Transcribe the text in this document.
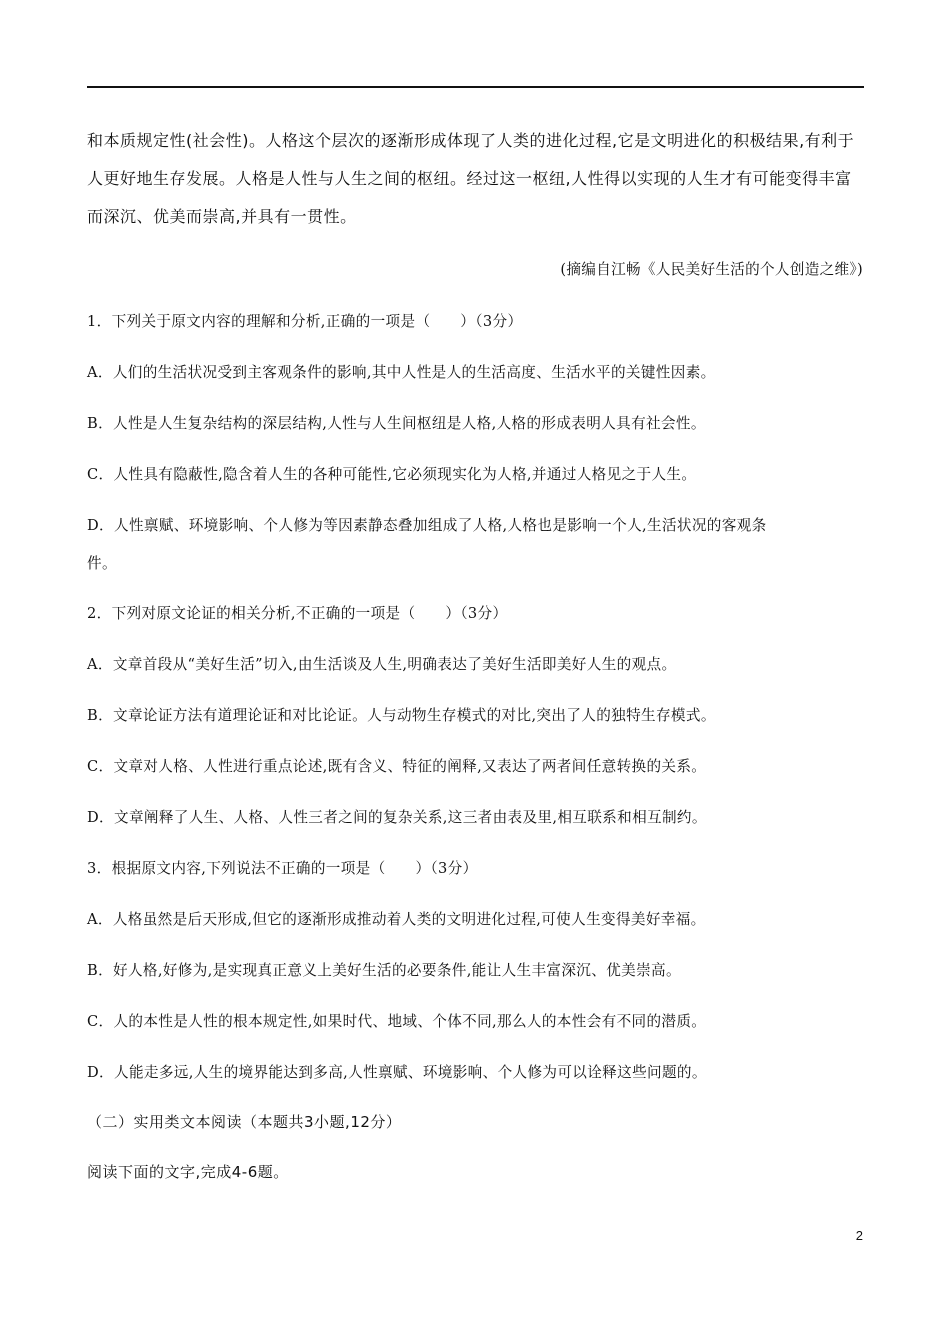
和本质规定性(社会性)。人格这个层次的逐渐形成体现了人类的进化过程,它是文明进化的积极结果,有利于
人更好地生存发展。人格是人性与人生之间的枢纽。经过这一枢纽,人性得以实现的人生才有可能变得丰富
而深沉、优美而崇高,并具有一贯性。
(摘编自江畅《人民美好生活的个人创造之维》)
1．下列关于原文内容的理解和分析,正确的一项是（　　）（3分）
A．人们的生活状况受到主客观条件的影响,其中人性是人的生活高度、生活水平的关键性因素。
B．人性是人生复杂结构的深层结构,人性与人生间枢纽是人格,人格的形成表明人具有社会性。
C．人性具有隐蔽性,隐含着人生的各种可能性,它必须现实化为人格,并通过人格见之于人生。
D．人性禀赋、环境影响、个人修为等因素静态叠加组成了人格,人格也是影响一个人,生活状况的客观条
件。
2．下列对原文论证的相关分析,不正确的一项是（　　）（3分）
A．文章首段从“美好生活”切入,由生活谈及人生,明确表达了美好生活即美好人生的观点。
B．文章论证方法有道理论证和对比论证。人与动物生存模式的对比,突出了人的独特生存模式。
C．文章对人格、人性进行重点论述,既有含义、特征的阐释,又表达了两者间任意转换的关系。
D．文章阐释了人生、人格、人性三者之间的复杂关系,这三者由表及里,相互联系和相互制约。
3．根据原文内容,下列说法不正确的一项是（　　）（3分）
A．人格虽然是后天形成,但它的逐渐形成推动着人类的文明进化过程,可使人生变得美好幸福。
B．好人格,好修为,是实现真正意义上美好生活的必要条件,能让人生丰富深沉、优美崇高。
C．人的本性是人性的根本规定性,如果时代、地域、个体不同,那么人的本性会有不同的潜质。
D．人能走多远,人生的境界能达到多高,人性禀赋、环境影响、个人修为可以诠释这些问题的。
（二）实用类文本阅读（本题共3小题,12分）
阅读下面的文字,完成4-6题。
2
